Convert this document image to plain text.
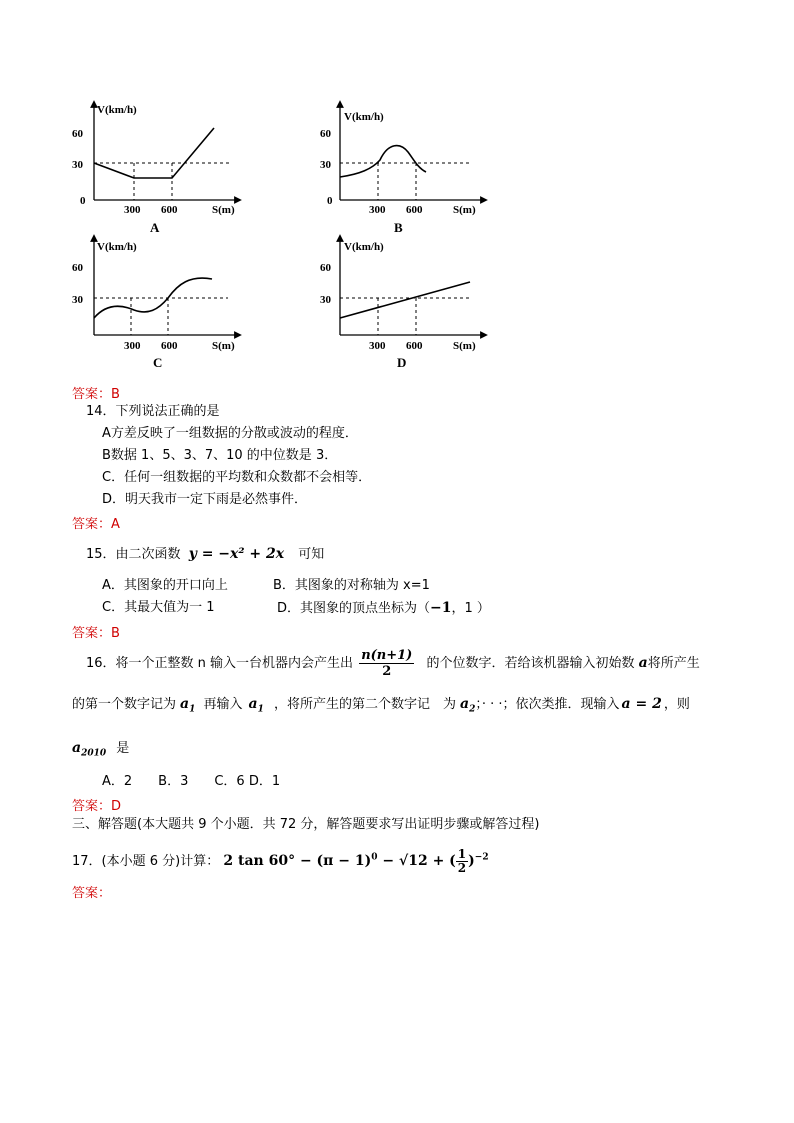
V(km/h)
60
30
0
300 600	S(m)
A
V(km/h)
60
30
0
300 600	S(m)
B
V(km/h)
60
30
300 600	S(m)
C
V(km/h)
60
30
300 600	S(m)
D
答案：B
14．下列说法正确的是
A方差反映了一组数据的分散或波动的程度．
B数据 1、5、3、7、10 的中位数是 3．
C．任何一组数据的平均数和众数都不会相等．
D．明天我市一定下雨是必然事件．
答案：A
15．由二次函数 y = −x² + 2x 可知
A．其图象的开口向上	B．其图象的对称轴为 x=1
C．其最大值为一 1	D．其图象的顶点坐标为（−1，1 ）
答案：B
16．将一个正整数 n 输入一台机器内会产生出 $\frac{n(n+1)}{2}$ 的个位数字．若给该机器输入初始数 a将所产生
的第一个数字记为 $a_1$ 再输入 $a_1$ ，将所产生的第二个数字记　为 $a_2$；· · ·；依次类推．现输入 a = 2 ，则
$a_{2010}$ 是
A．2　　B．3　　C．6 D．1
答案：D
三、解答题(本大题共 9 个小题．共 72 分，解答题要求写出证明步骤或解答过程)
17．(本小题 6 分)计算： 2 $\tan 60^\circ - (\pi - 1)^0 - √12$ + ( $\frac{1}{2} )^{-2}$
答案：
